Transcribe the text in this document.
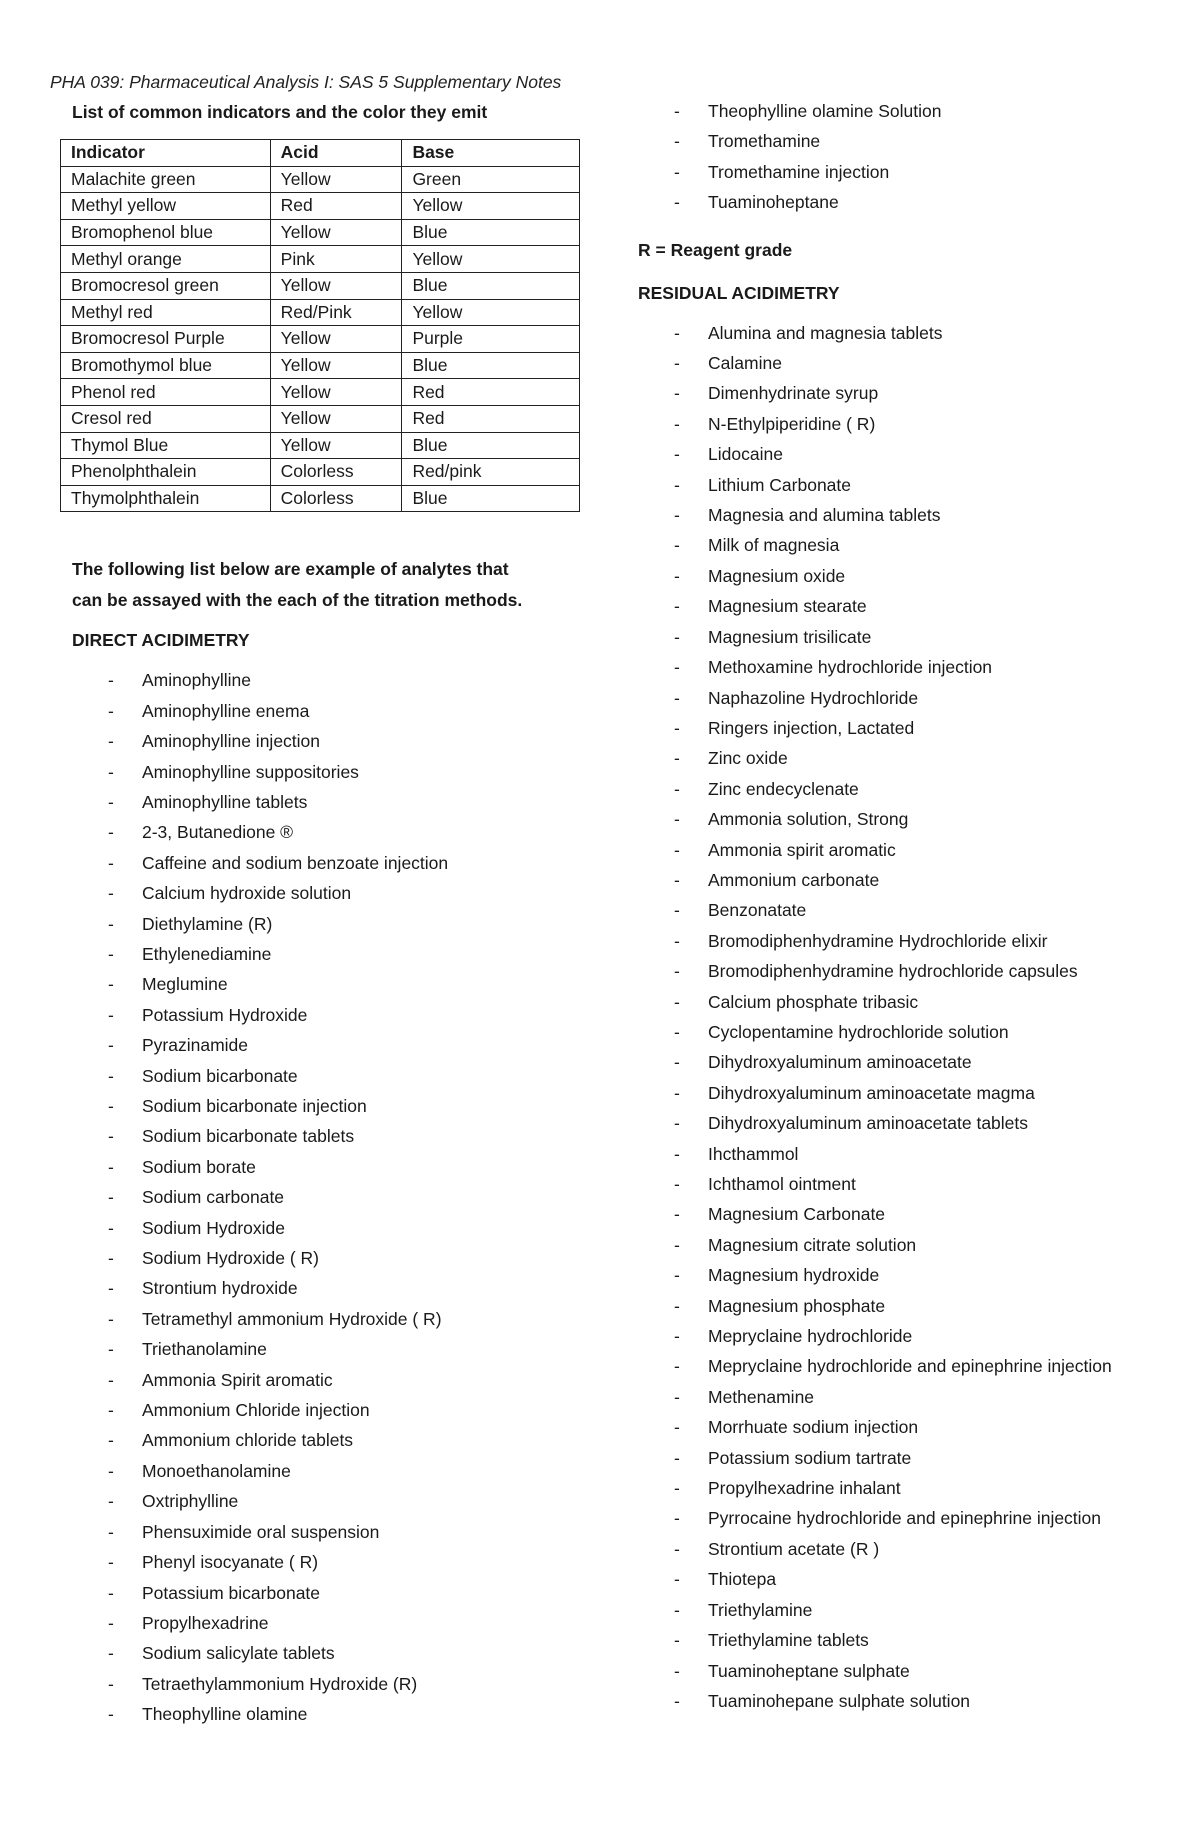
PHA 039: Pharmaceutical Analysis I: SAS 5 Supplementary Notes
List of common indicators and the color they emit
Indicator	Acid	Base
Malachite green	Yellow	Green
Methyl yellow	Red	Yellow
Bromophenol blue	Yellow	Blue
Methyl orange	Pink	Yellow
Bromocresol green	Yellow	Blue
Methyl red	Red/Pink	Yellow
Bromocresol Purple	Yellow	Purple
Bromothymol blue	Yellow	Blue
Phenol red	Yellow	Red
Cresol red	Yellow	Red
Thymol Blue	Yellow	Blue
Phenolphthalein	Colorless	Red/pink
Thymolphthalein	Colorless	Blue
The following list below are example of analytes that can be assayed with the each of the titration methods.
DIRECT ACIDIMETRY
- Aminophylline
- Aminophylline enema
- Aminophylline injection
- Aminophylline suppositories
- Aminophylline tablets
- 2-3, Butanedione ®
- Caffeine and sodium benzoate injection
- Calcium hydroxide solution
- Diethylamine (R)
- Ethylenediamine
- Meglumine
- Potassium Hydroxide
- Pyrazinamide
- Sodium bicarbonate
- Sodium bicarbonate injection
- Sodium bicarbonate tablets
- Sodium borate
- Sodium carbonate
- Sodium Hydroxide
- Sodium Hydroxide ( R)
- Strontium hydroxide
- Tetramethyl ammonium Hydroxide ( R)
- Triethanolamine
- Ammonia Spirit aromatic
- Ammonium Chloride injection
- Ammonium chloride tablets
- Monoethanolamine
- Oxtriphylline
- Phensuximide oral suspension
- Phenyl isocyanate ( R)
- Potassium bicarbonate
- Propylhexadrine
- Sodium salicylate tablets
- Tetraethylammonium Hydroxide (R)
- Theophylline olamine
- Theophylline olamine Solution
- Tromethamine
- Tromethamine injection
- Tuaminoheptane
R = Reagent grade
RESIDUAL ACIDIMETRY
- Alumina and magnesia tablets
- Calamine
- Dimenhydrinate syrup
- N-Ethylpiperidine ( R)
- Lidocaine
- Lithium Carbonate
- Magnesia and alumina tablets
- Milk of magnesia
- Magnesium oxide
- Magnesium stearate
- Magnesium trisilicate
- Methoxamine hydrochloride injection
- Naphazoline Hydrochloride
- Ringers injection, Lactated
- Zinc oxide
- Zinc endecyclenate
- Ammonia solution, Strong
- Ammonia spirit aromatic
- Ammonium carbonate
- Benzonatate
- Bromodiphenhydramine Hydrochloride elixir
- Bromodiphenhydramine hydrochloride capsules
- Calcium phosphate tribasic
- Cyclopentamine hydrochloride solution
- Dihydroxyaluminum aminoacetate
- Dihydroxyaluminum aminoacetate magma
- Dihydroxyaluminum aminoacetate tablets
- Ihcthammol
- Ichthamol ointment
- Magnesium Carbonate
- Magnesium citrate solution
- Magnesium hydroxide
- Magnesium phosphate
- Mepryclaine hydrochloride
- Mepryclaine hydrochloride and epinephrine injection
- Methenamine
- Morrhuate sodium injection
- Potassium sodium tartrate
- Propylhexadrine inhalant
- Pyrrocaine hydrochloride and epinephrine injection
- Strontium acetate (R )
- Thiotepa
- Triethylamine
- Triethylamine tablets
- Tuaminoheptane sulphate
- Tuaminohepane sulphate solution
